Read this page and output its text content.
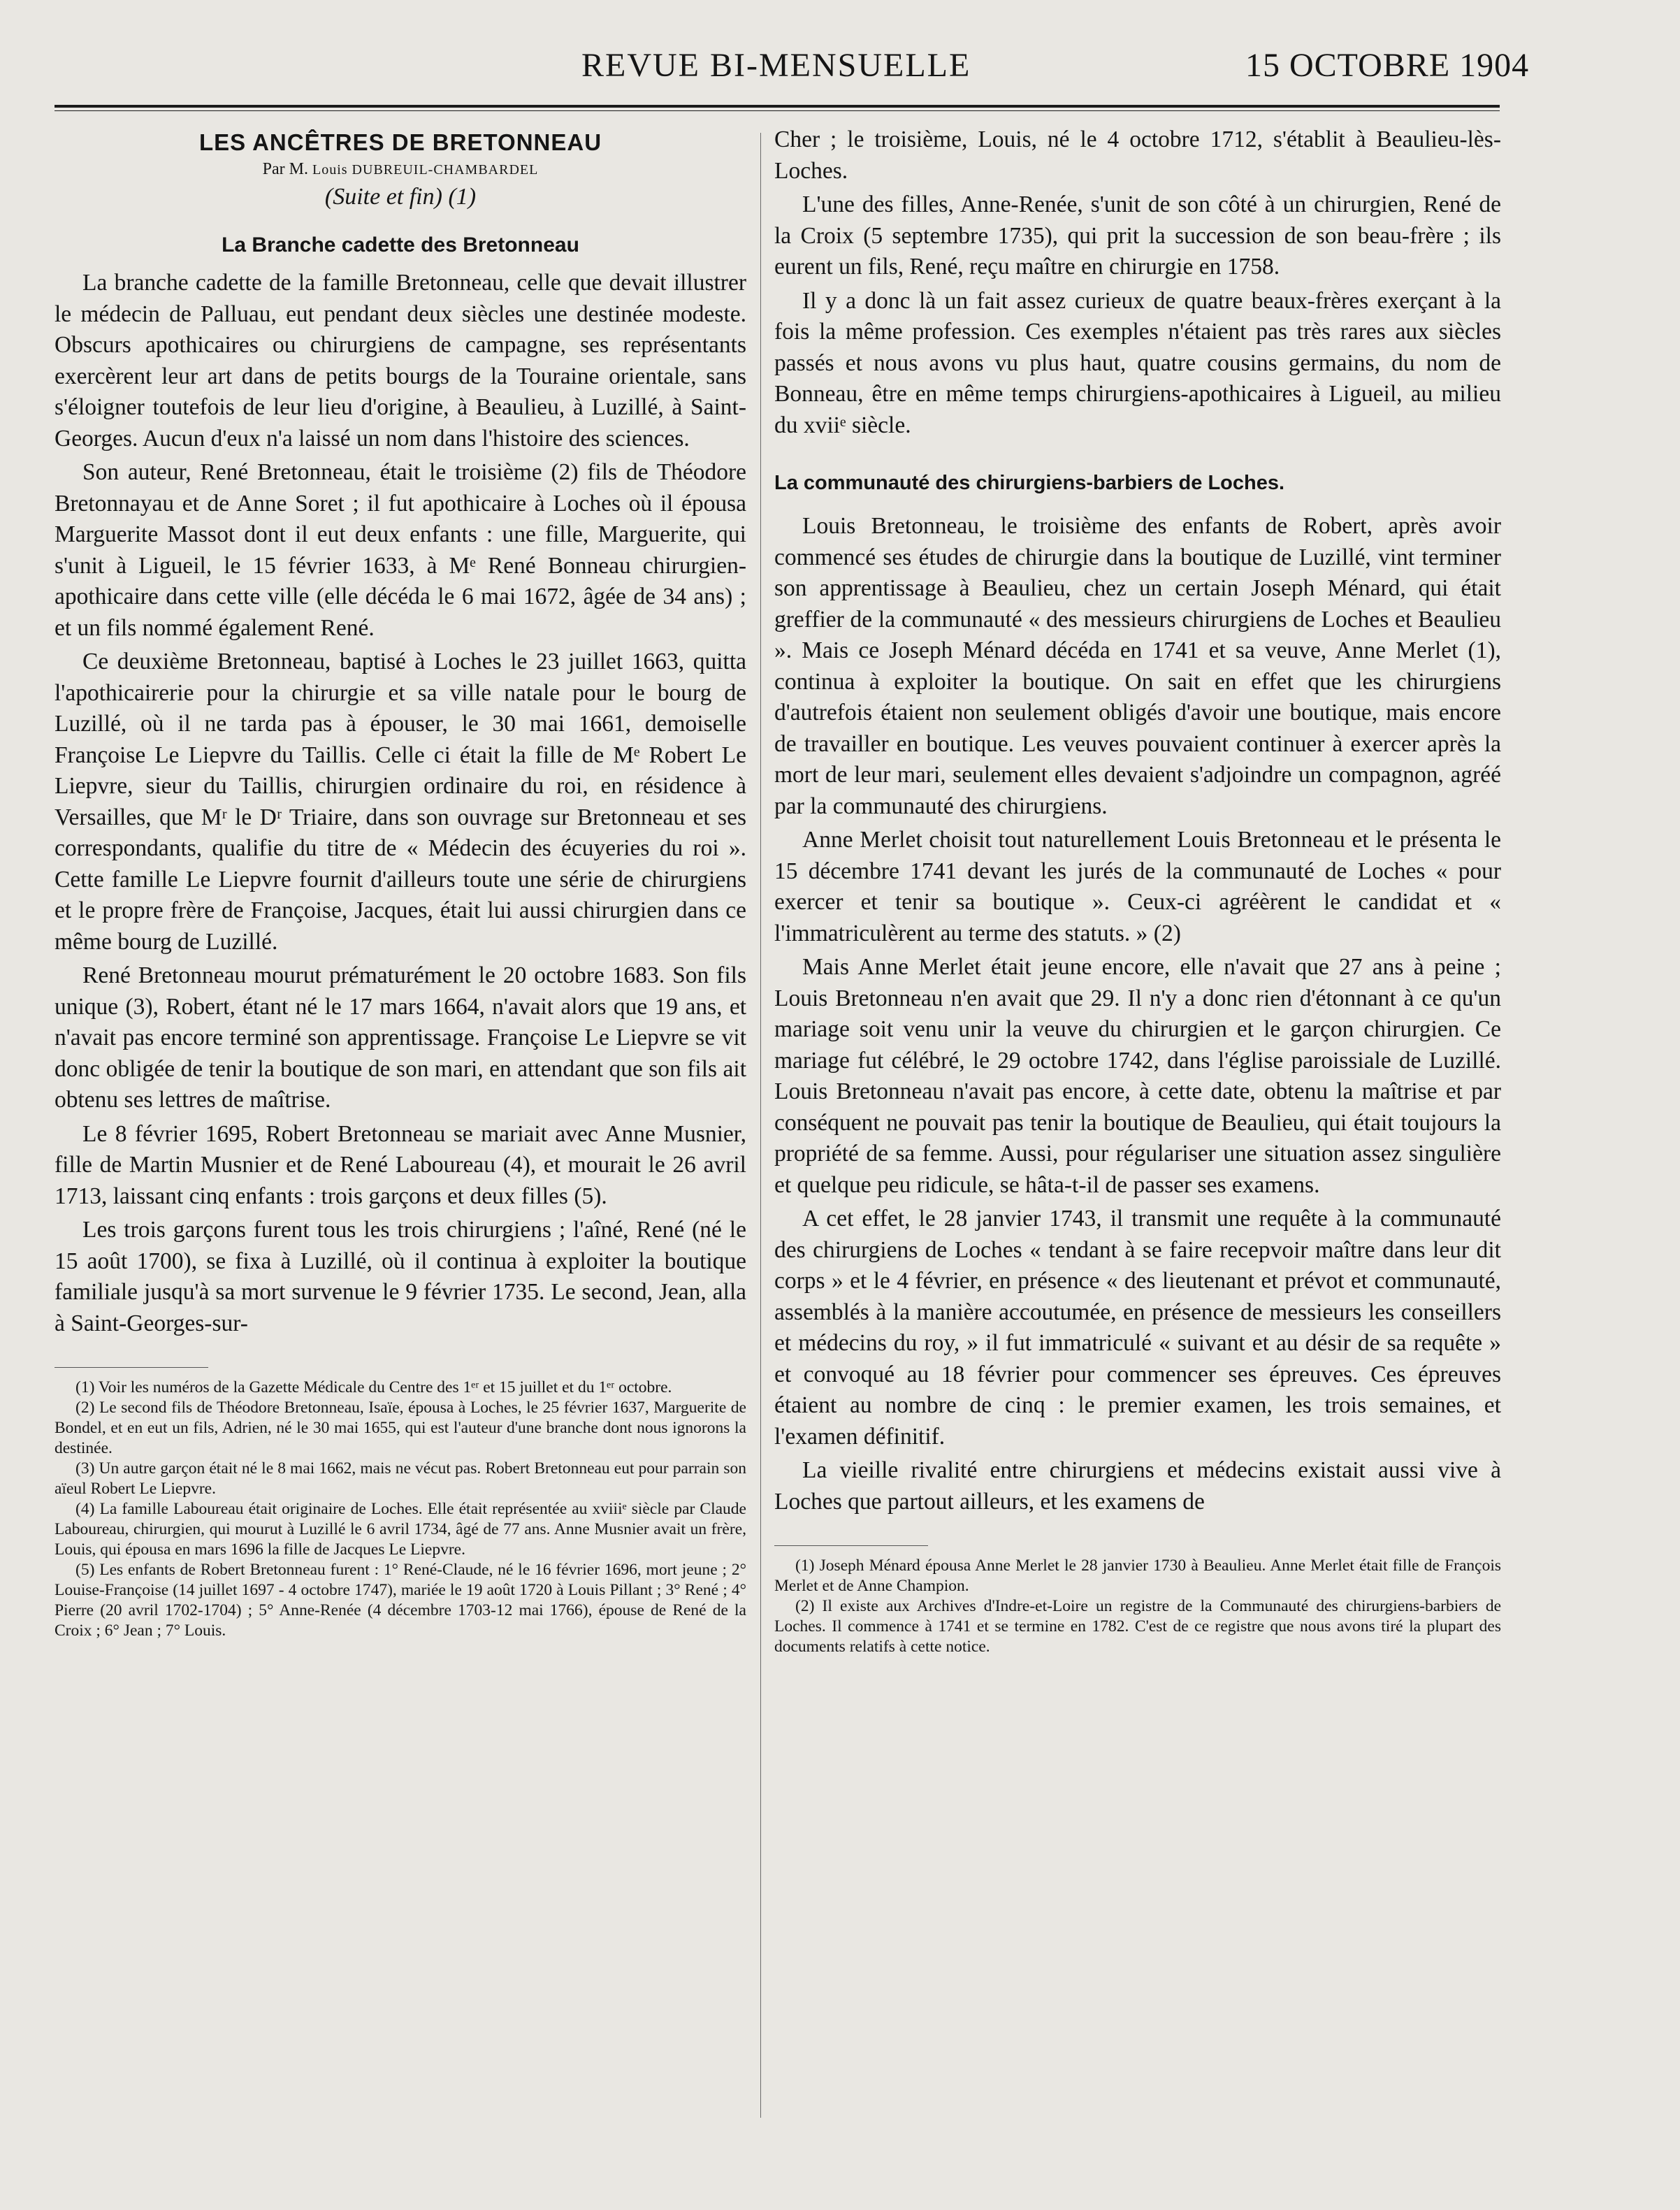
REVUE BI-MENSUELLE	15 OCTOBRE 1904
LES ANCÊTRES DE BRETONNEAU
Par M. Louis DUBREUIL-CHAMBARDEL
(Suite et fin) (1)
La Branche cadette des Bretonneau

La branche cadette de la famille Bretonneau, celle que devait illustrer le médecin de Palluau, eut pendant deux siècles une destinée modeste. Obscurs apothicaires ou chirurgiens de campagne, ses représentants exercèrent leur art dans de petits bourgs de la Touraine orientale, sans s'éloigner toutefois de leur lieu d'origine, à Beaulieu, à Luzillé, à Saint-Georges. Aucun d'eux n'a laissé un nom dans l'histoire des sciences.

Son auteur, René Bretonneau, était le troisième (2) fils de Théodore Bretonnayau et de Anne Soret ; il fut apothicaire à Loches où il épousa Marguerite Massot dont il eut deux enfants : une fille, Marguerite, qui s'unit à Ligueil, le 15 février 1633, à Mᵉ René Bonneau chirurgien-apothicaire dans cette ville (elle décéda le 6 mai 1672, âgée de 34 ans) ; et un fils nommé également René.

Ce deuxième Bretonneau, baptisé à Loches le 23 juillet 1663, quitta l'apothicairerie pour la chirurgie et sa ville natale pour le bourg de Luzillé, où il ne tarda pas à épouser, le 30 mai 1661, demoiselle Françoise Le Liepvre du Taillis. Celle ci était la fille de Mᵉ Robert Le Liepvre, sieur du Taillis, chirurgien ordinaire du roi, en résidence à Versailles, que Mʳ le Dʳ Triaire, dans son ouvrage sur Bretonneau et ses correspondants, qualifie du titre de « Médecin des écuyeries du roi ». Cette famille Le Liepvre fournit d'ailleurs toute une série de chirurgiens et le propre frère de Françoise, Jacques, était lui aussi chirurgien dans ce même bourg de Luzillé.

René Bretonneau mourut prématurément le 20 octobre 1683. Son fils unique (3), Robert, étant né le 17 mars 1664, n'avait alors que 19 ans, et n'avait pas encore terminé son apprentissage. Françoise Le Liepvre se vit donc obligée de tenir la boutique de son mari, en attendant que son fils ait obtenu ses lettres de maîtrise.

Le 8 février 1695, Robert Bretonneau se mariait avec Anne Musnier, fille de Martin Musnier et de René Laboureau (4), et mourait le 26 avril 1713, laissant cinq enfants : trois garçons et deux filles (5).

Les trois garçons furent tous les trois chirurgiens ; l'aîné, René (né le 15 août 1700), se fixa à Luzillé, où il continua à exploiter la boutique familiale jusqu'à sa mort survenue le 9 février 1735. Le second, Jean, alla à Saint-Georges-sur-

(1) Voir les numéros de la Gazette Médicale du Centre des 1ᵉʳ et 15 juillet et du 1ᵉʳ octobre.

(2) Le second fils de Théodore Bretonneau, Isaïe, épousa à Loches, le 25 février 1637, Marguerite de Bondel, et en eut un fils, Adrien, né le 30 mai 1655, qui est l'auteur d'une branche dont nous ignorons la destinée.

(3) Un autre garçon était né le 8 mai 1662, mais ne vécut pas. Robert Bretonneau eut pour parrain son aïeul Robert Le Liepvre.

(4) La famille Laboureau était originaire de Loches. Elle était représentée au xviiiᵉ siècle par Claude Laboureau, chirurgien, qui mourut à Luzillé le 6 avril 1734, âgé de 77 ans. Anne Musnier avait un frère, Louis, qui épousa en mars 1696 la fille de Jacques Le Liepvre.

(5) Les enfants de Robert Bretonneau furent : 1° René-Claude, né le 16 février 1696, mort jeune ; 2° Louise-Françoise (14 juillet 1697 - 4 octobre 1747), mariée le 19 août 1720 à Louis Pillant ; 3° René ; 4° Pierre (20 avril 1702-1704) ; 5° Anne-Renée (4 décembre 1703-12 mai 1766), épouse de René de la Croix ; 6° Jean ; 7° Louis.

Cher ; le troisième, Louis, né le 4 octobre 1712, s'établit à Beaulieu-lès-Loches.

L'une des filles, Anne-Renée, s'unit de son côté à un chirurgien, René de la Croix (5 septembre 1735), qui prit la succession de son beau-frère ; ils eurent un fils, René, reçu maître en chirurgie en 1758.

Il y a donc là un fait assez curieux de quatre beaux-frères exerçant à la fois la même profession. Ces exemples n'étaient pas très rares aux siècles passés et nous avons vu plus haut, quatre cousins germains, du nom de Bonneau, être en même temps chirurgiens-apothicaires à Ligueil, au milieu du xviiᵉ siècle.

La communauté des chirurgiens-barbiers de Loches.

Louis Bretonneau, le troisième des enfants de Robert, après avoir commencé ses études de chirurgie dans la boutique de Luzillé, vint terminer son apprentissage à Beaulieu, chez un certain Joseph Ménard, qui était greffier de la communauté « des messieurs chirurgiens de Loches et Beaulieu ». Mais ce Joseph Ménard décéda en 1741 et sa veuve, Anne Merlet (1), continua à exploiter la boutique. On sait en effet que les chirurgiens d'autrefois étaient non seulement obligés d'avoir une boutique, mais encore de travailler en boutique. Les veuves pouvaient continuer à exercer après la mort de leur mari, seulement elles devaient s'adjoindre un compagnon, agréé par la communauté des chirurgiens.

Anne Merlet choisit tout naturellement Louis Bretonneau et le présenta le 15 décembre 1741 devant les jurés de la communauté de Loches « pour exercer et tenir sa boutique ». Ceux-ci agréèrent le candidat et « l'immatriculèrent au terme des statuts. » (2)

Mais Anne Merlet était jeune encore, elle n'avait que 27 ans à peine ; Louis Bretonneau n'en avait que 29. Il n'y a donc rien d'étonnant à ce qu'un mariage soit venu unir la veuve du chirurgien et le garçon chirurgien. Ce mariage fut célébré, le 29 octobre 1742, dans l'église paroissiale de Luzillé. Louis Bretonneau n'avait pas encore, à cette date, obtenu la maîtrise et par conséquent ne pouvait pas tenir la boutique de Beaulieu, qui était toujours la propriété de sa femme. Aussi, pour régulariser une situation assez singulière et quelque peu ridicule, se hâta-t-il de passer ses examens.

A cet effet, le 28 janvier 1743, il transmit une requête à la communauté des chirurgiens de Loches « tendant à se faire recepvoir maître dans leur dit corps » et le 4 février, en présence « des lieutenant et prévot et communauté, assemblés à la manière accoutumée, en présence de messieurs les conseillers et médecins du roy, » il fut immatriculé « suivant et au désir de sa requête » et convoqué au 18 février pour commencer ses épreuves. Ces épreuves étaient au nombre de cinq : le premier examen, les trois semaines, et l'examen définitif.

La vieille rivalité entre chirurgiens et médecins existait aussi vive à Loches que partout ailleurs, et les examens de

(1) Joseph Ménard épousa Anne Merlet le 28 janvier 1730 à Beaulieu. Anne Merlet était fille de François Merlet et de Anne Champion.

(2) Il existe aux Archives d'Indre-et-Loire un registre de la Communauté des chirurgiens-barbiers de Loches. Il commence à 1741 et se termine en 1782. C'est de ce registre que nous avons tiré la plupart des documents relatifs à cette notice.
